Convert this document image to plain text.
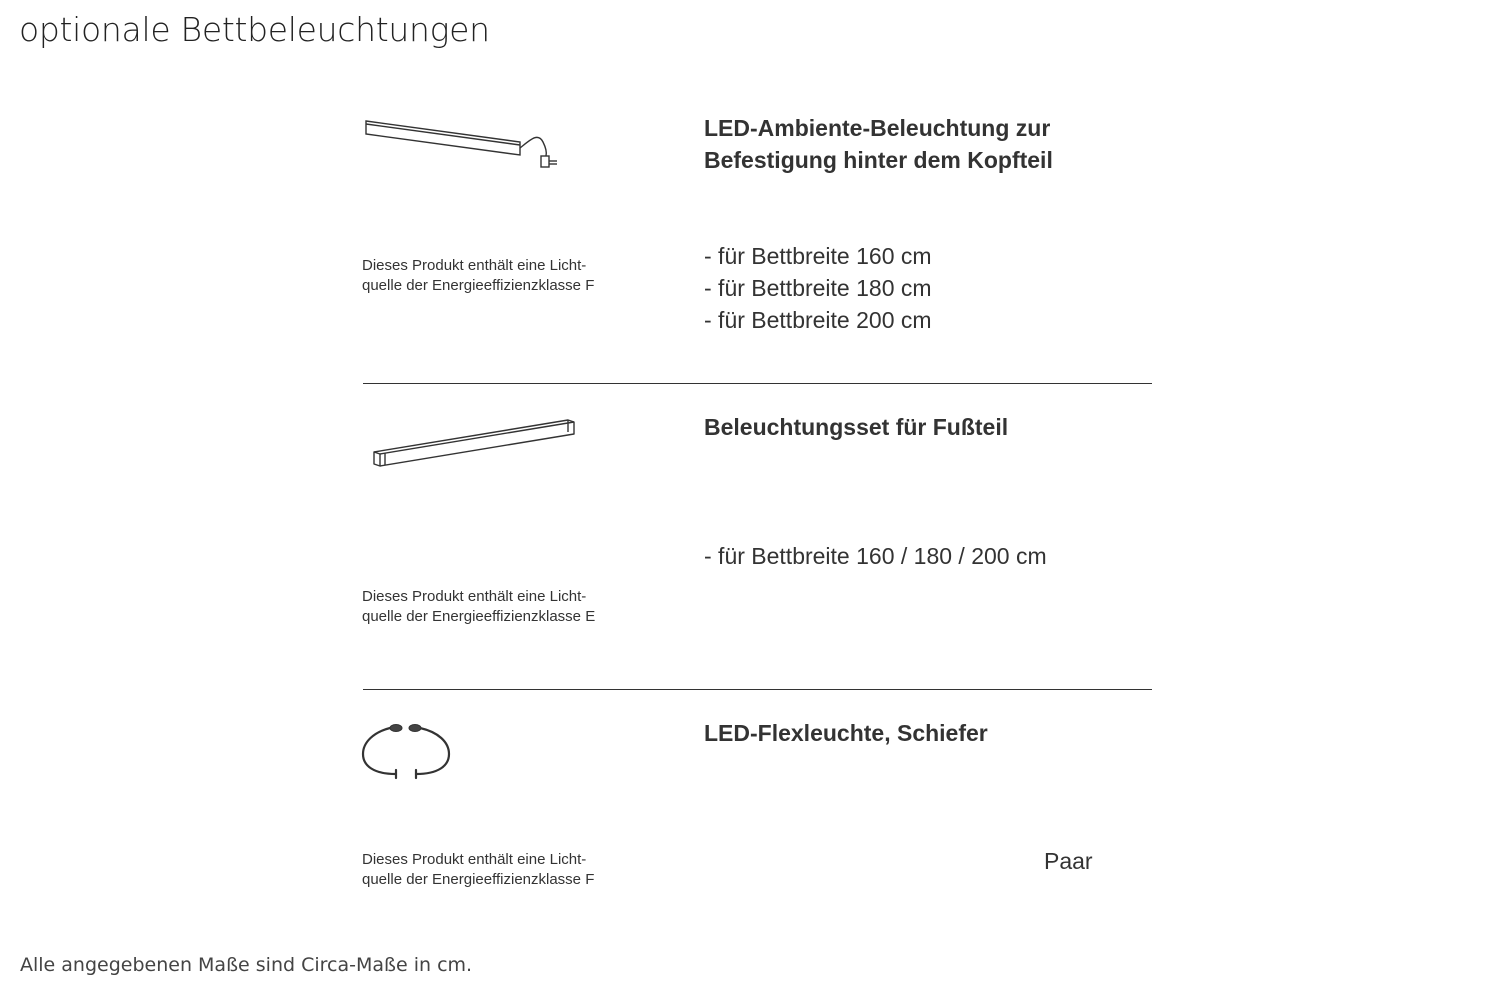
optionale Bettbeleuchtungen
LED-Ambiente-Beleuchtung zur
Befestigung hinter dem Kopfteil
- für Bettbreite 160 cm
- für Bettbreite 180 cm
- für Bettbreite 200 cm
Dieses Produkt enthält eine Licht-
quelle der Energieeffizienzklasse F
Beleuchtungsset für Fußteil
- für Bettbreite 160 / 180 / 200 cm
Dieses Produkt enthält eine Licht-
quelle der Energieeffizienzklasse E
LED-Flexleuchte, Schiefer
Paar
Dieses Produkt enthält eine Licht-
quelle der Energieeffizienzklasse F
Alle angegebenen Maße sind Circa-Maße in cm.
